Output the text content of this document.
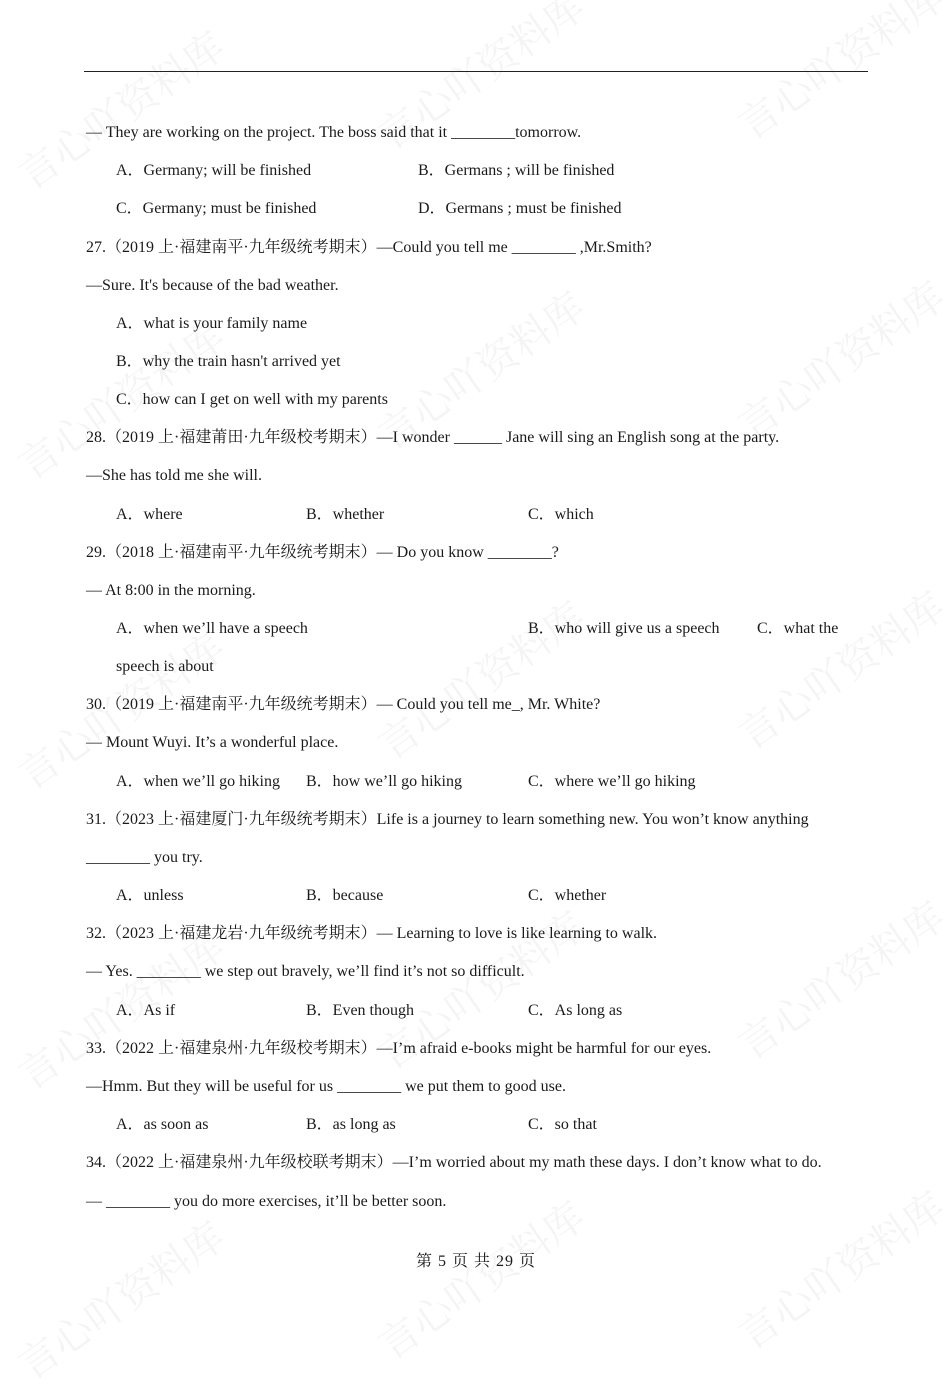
— They are working on the project. The boss said that it ________tomorrow.
A．Germany; will be finished	B．Germans ; will be finished
C．Germany; must be finished	D．Germans ; must be finished
27.（2019 上·福建南平·九年级统考期末）—Could you tell me ________ ,Mr.Smith?
—Sure. It's because of the bad weather.
A．what is your family name
B．why the train hasn't arrived yet
C．how can I get on well with my parents
28.（2019 上·福建莆田·九年级校考期末）—I wonder ______ Jane will sing an English song at the party.
—She has told me she will.
A．where	B．whether	C．which
29.（2018 上·福建南平·九年级统考期末）— Do you know ________?
— At 8:00 in the morning.
A．when we’ll have a speech	B．who will give us a speech C．what the
speech is about
30.（2019 上·福建南平·九年级统考期末）— Could you tell me_, Mr. White?
— Mount Wuyi. It’s a wonderful place.
A．when we’ll go hiking B．how we’ll go hiking	C．where we’ll go hiking
31.（2023 上·福建厦门·九年级统考期末）Life is a journey to learn something new. You won’t know anything
________ you try.
A．unless	B．because	C．whether
32.（2023 上·福建龙岩·九年级统考期末）— Learning to love is like learning to walk.
— Yes. ________ we step out bravely, we’ll find it’s not so difficult.
A．As if	B．Even though	C．As long as
33.（2022 上·福建泉州·九年级校考期末）—I’m afraid e-books might be harmful for our eyes.
—Hmm. But they will be useful for us ________ we put them to good use.
A．as soon as	B．as long as	C．so that
34.（2022 上·福建泉州·九年级校联考期末）—I’m worried about my math these days. I don’t know what to do.
— ________ you do more exercises, it’ll be better soon.
第 5 页 共 29 页
